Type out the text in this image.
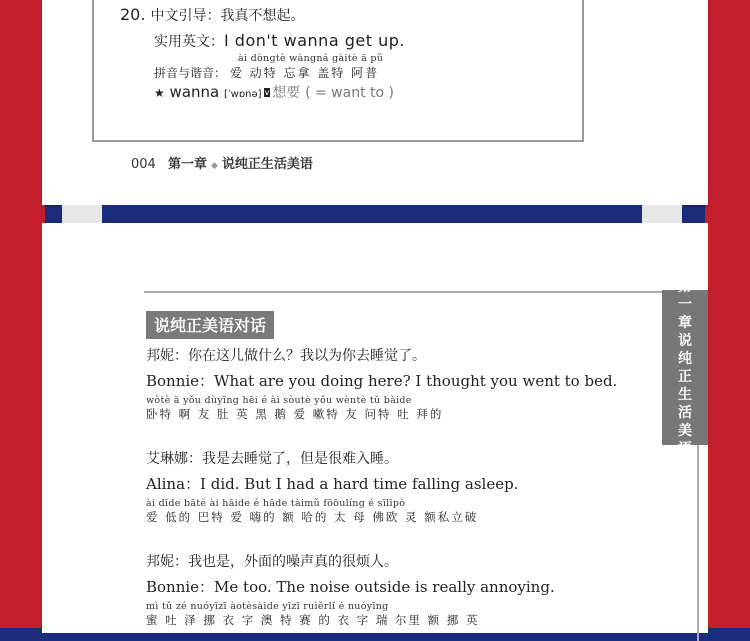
20. 中文引导：我真不想起。
实用英文：I don't wanna get up.
ài dòngtè wàngná gàitè ā pǔ
拼音与谐音： 爱 动特 忘拿 盖特 阿普
★ wanna [ˈwɒnə] v 想要 ( = want to )
004 第一章 ◆ 说纯正生活美语
第
一
章
说
纯
正
生
活
美
语
说纯正美语对话
邦妮：你在这儿做什么？我以为你去睡觉了。
Bonnie：What are you doing here? I thought you went to bed.
wòtè ā yǒu dùyīng hēi é ài sòutè yǒu wèntè tǔ bàide
卧特 啊 友 肚 英 黑 鹅 爱 嗽特 友 问特 吐 拜的
艾琳娜：我是去睡觉了，但是很难入睡。
Alina：I did. But I had a hard time falling asleep.
ài dīde bātè ài hāide é hāde tàimǔ fōōulíng é sīlīpò
爱 低的 巴特 爱 嗨的 额 哈的 太 母 佛欧 灵 额私立破
邦妮：我也是，外面的噪声真的很烦人。
Bonnie：Me too. The noise outside is really annoying.
mì tǔ zé nuóyīzī àotèsàide yīzī ruìěrlǐ é nuóyīng
蜜 吐 泽 挪 衣 字 澳 特 赛 的 衣 字 瑞 尔里 额 挪 英
